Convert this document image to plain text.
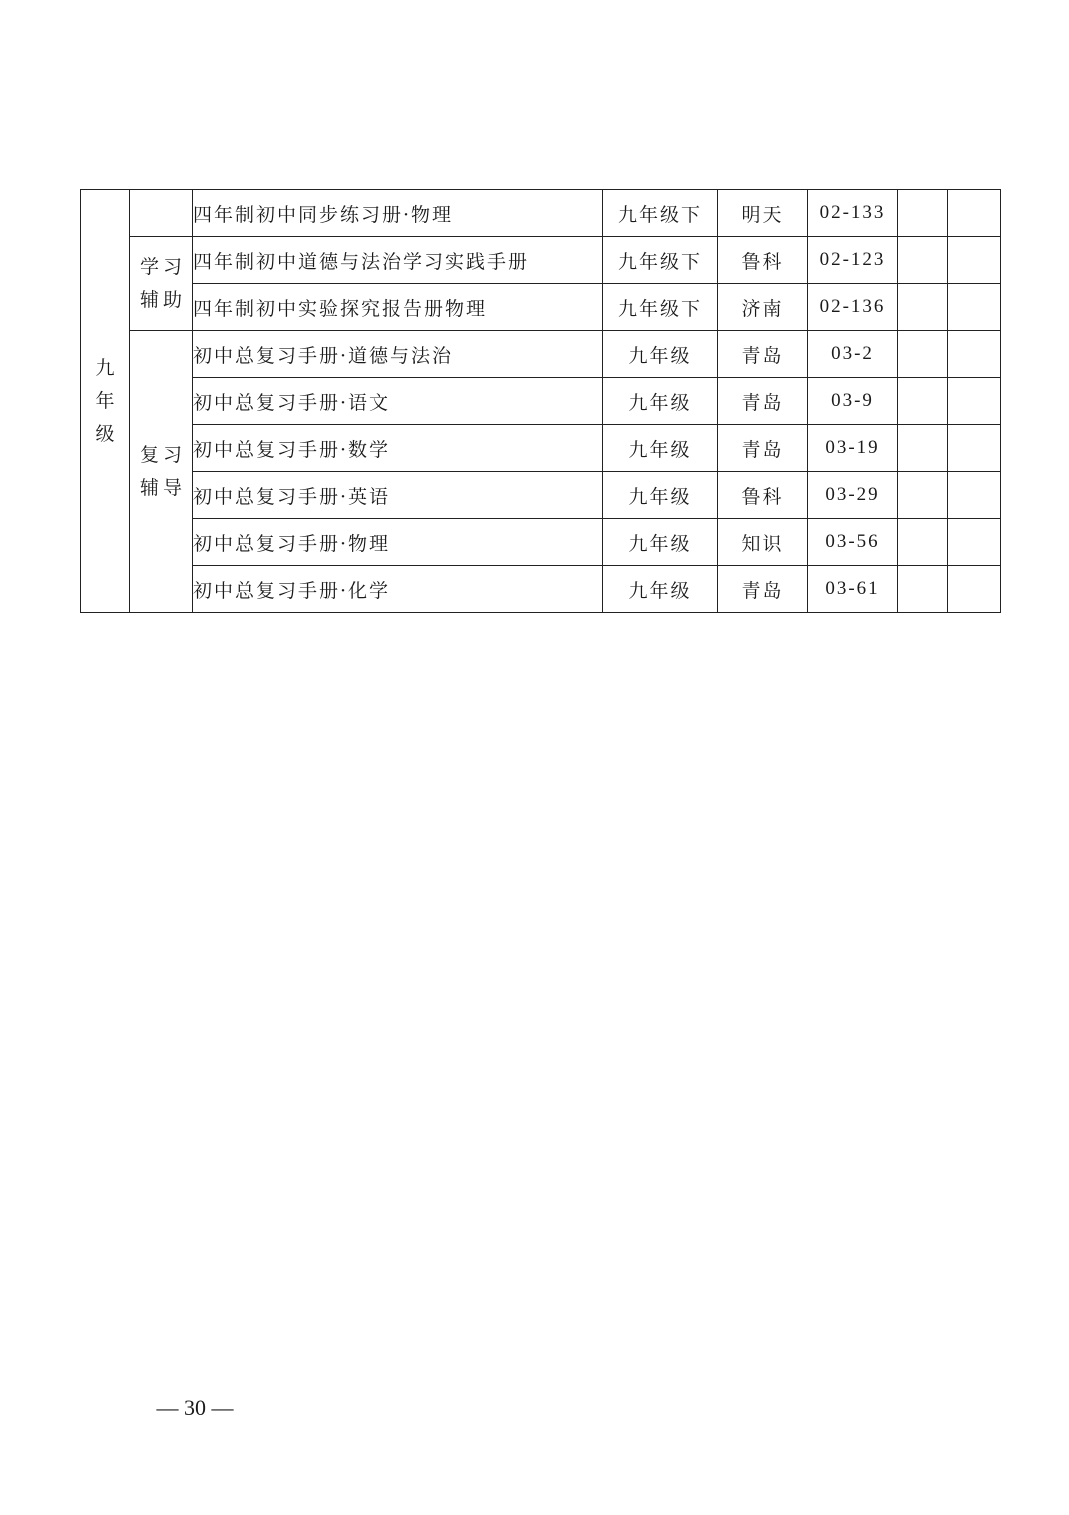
九年级		四年制初中同步练习册·物理	九年级下	明天	02-133		
	学习辅助	四年制初中道德与法治学习实践手册	九年级下	鲁科	02-123		
		四年制初中实验探究报告册物理	九年级下	济南	02-136		
	复习辅导	初中总复习手册·道德与法治	九年级	青岛	03-2		
		初中总复习手册·语文	九年级	青岛	03-9		
		初中总复习手册·数学	九年级	青岛	03-19		
		初中总复习手册·英语	九年级	鲁科	03-29		
		初中总复习手册·物理	九年级	知识	03-56		
		初中总复习手册·化学	九年级	青岛	03-61		
— 30 —
